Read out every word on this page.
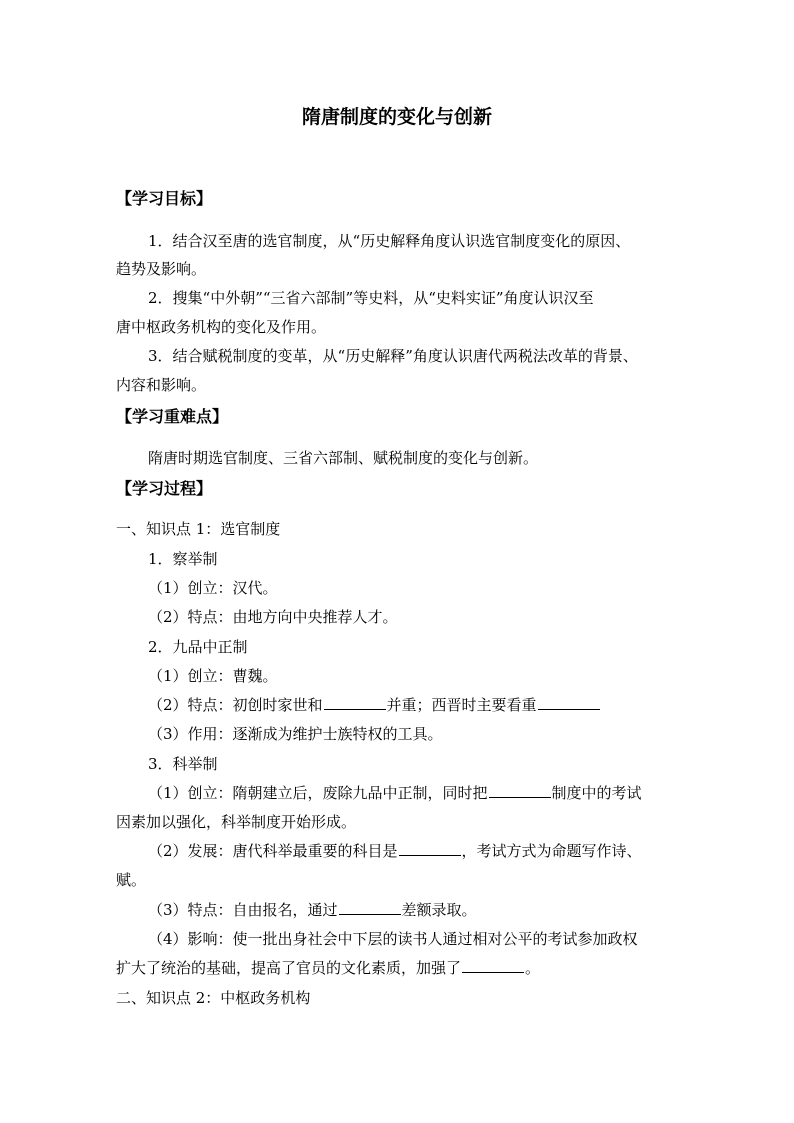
隋唐制度的变化与创新
【学习目标】
1．结合汉至唐的选官制度，从“历史解释角度认识选官制度变化的原因、
趋势及影响。
2．搜集“中外朝”“三省六部制”等史料，从“史料实证”角度认识汉至
唐中枢政务机构的变化及作用。
3．结合赋税制度的变革，从“历史解释”角度认识唐代两税法改革的背景、
内容和影响。
【学习重难点】
隋唐时期选官制度、三省六部制、赋税制度的变化与创新。
【学习过程】
一、知识点 1：选官制度
1．察举制
（1）创立：汉代。
（2）特点：由地方向中央推荐人才。
2．九品中正制
（1）创立：曹魏。
（2）特点：初创时家世和	并重；西晋时主要看重
（3）作用：逐渐成为维护士族特权的工具。
3．科举制
（1）创立：隋朝建立后，废除九品中正制，同时把	制度中的考试
因素加以强化，科举制度开始形成。
（2）发展：唐代科举最重要的科目是	，考试方式为命题写作诗、
赋。
（3）特点：自由报名，通过	差额录取。
（4）影响：使一批出身社会中下层的读书人通过相对公平的考试参加政权
扩大了统治的基础，提高了官员的文化素质，加强了	。
二、知识点 2：中枢政务机构
